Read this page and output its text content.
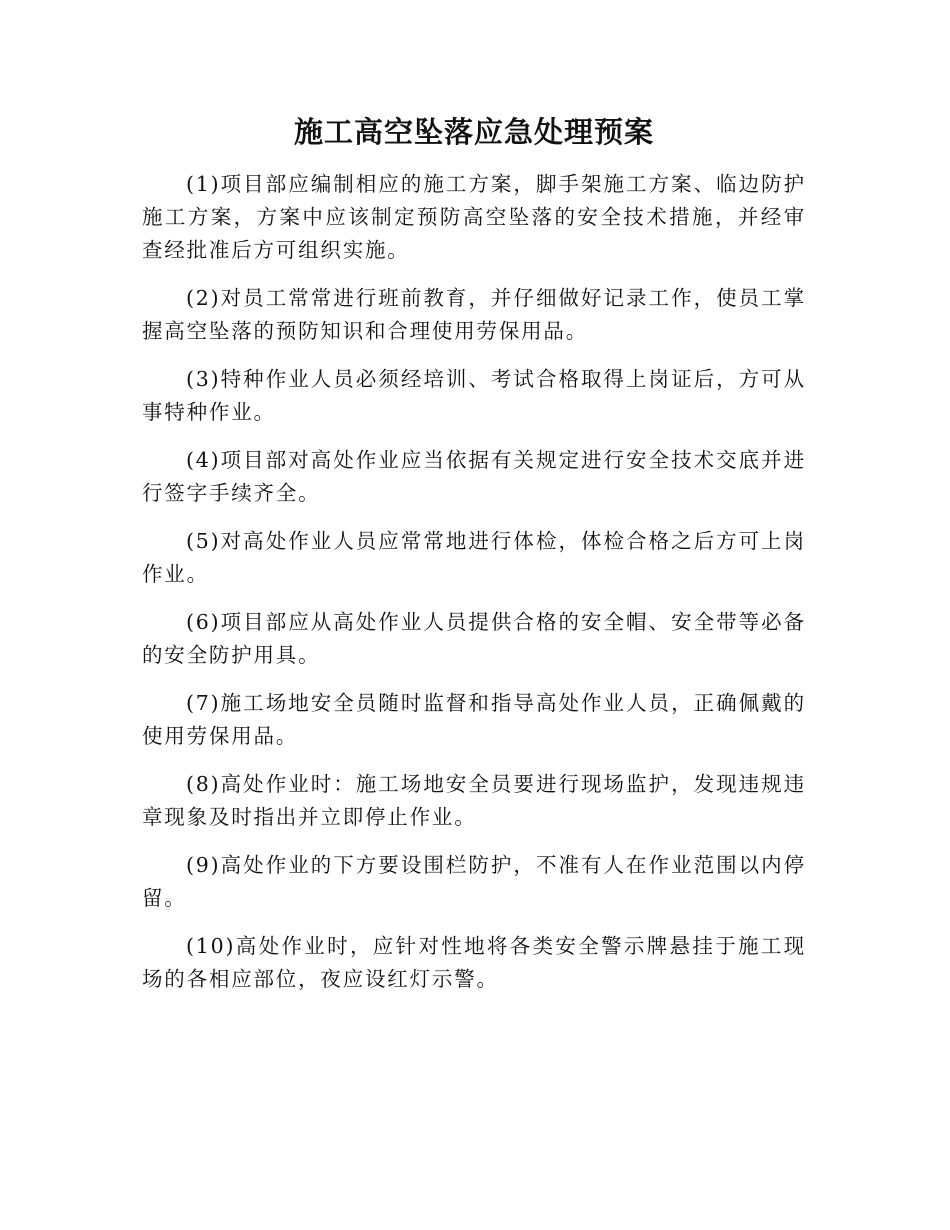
施工高空坠落应急处理预案

(1)项目部应编制相应的施工方案，脚手架施工方案、临边防护施工方案，方案中应该制定预防高空坠落的安全技术措施，并经审查经批准后方可组织实施。

(2)对员工常常进行班前教育，并仔细做好记录工作，使员工掌握高空坠落的预防知识和合理使用劳保用品。

(3)特种作业人员必须经培训、考试合格取得上岗证后，方可从事特种作业。

(4)项目部对高处作业应当依据有关规定进行安全技术交底并进行签字手续齐全。

(5)对高处作业人员应常常地进行体检，体检合格之后方可上岗作业。

(6)项目部应从高处作业人员提供合格的安全帽、安全带等必备的安全防护用具。

(7)施工场地安全员随时监督和指导高处作业人员，正确佩戴的使用劳保用品。

(8)高处作业时：施工场地安全员要进行现场监护，发现违规违章现象及时指出并立即停止作业。

(9)高处作业的下方要设围栏防护，不准有人在作业范围以内停留。

(10)高处作业时，应针对性地将各类安全警示牌悬挂于施工现场的各相应部位，夜应设红灯示警。
